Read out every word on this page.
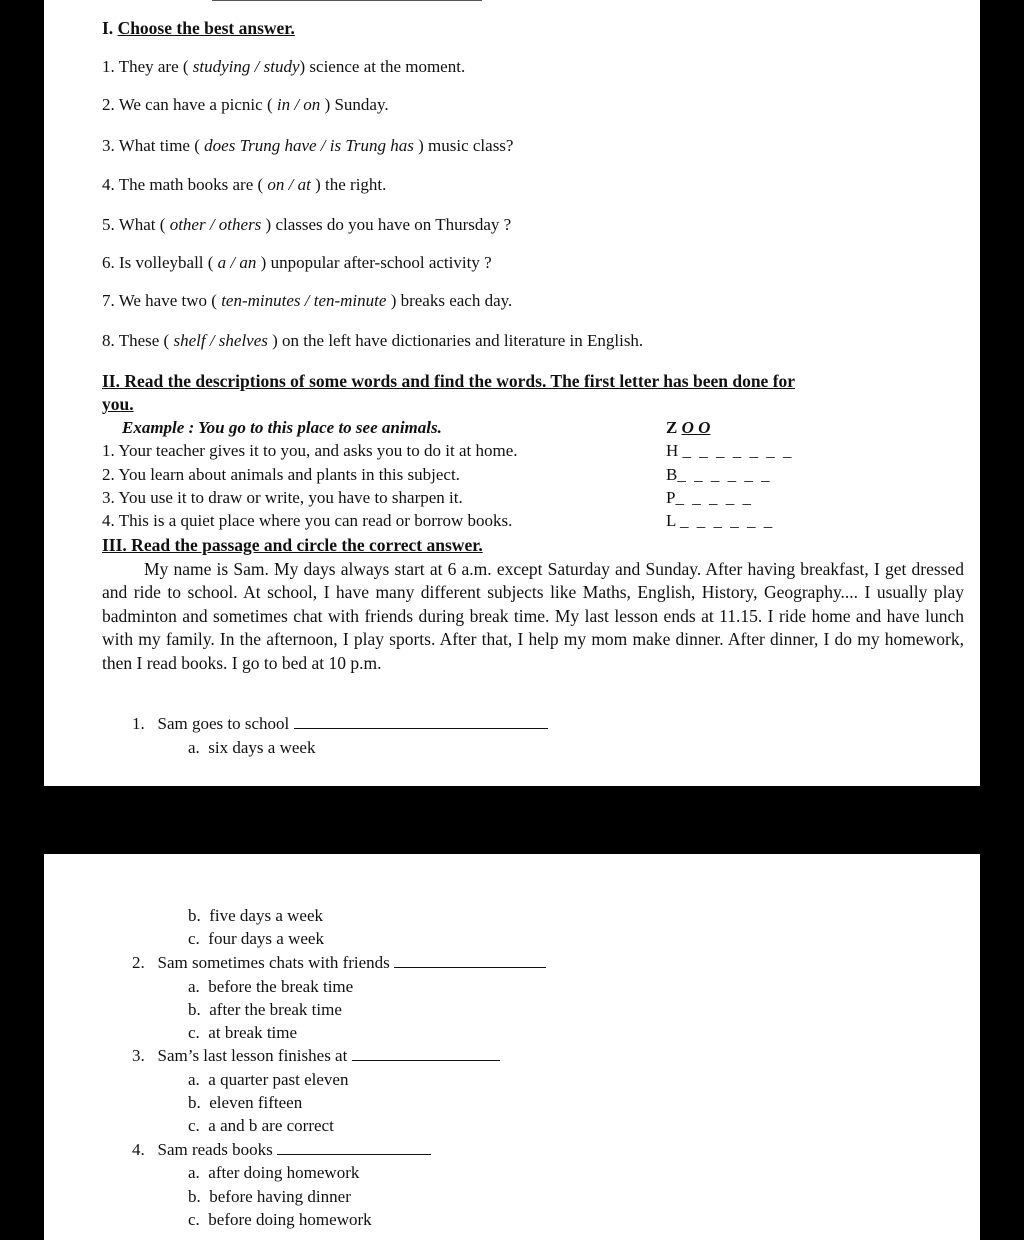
I. Choose the best answer.
1. They are ( studying / study) science at the moment.
2. We can have a picnic ( in / on ) Sunday.
3. What time ( does Trung have / is Trung has ) music class?
4. The math books are ( on / at ) the right.
5. What ( other / others ) classes do you have on Thursday ?
6. Is volleyball ( a / an ) unpopular after-school activity ?
7. We have two ( ten-minutes / ten-minute ) breaks each day.
8. These ( shelf / shelves ) on the left have dictionaries and literature in English.
II. Read the descriptions of some words and find the words. The first letter has been done for
you.
Example : You go to this place to see animals.	Z O O
1. Your teacher gives it to you, and asks you to do it at home.	H _ _ _ _ _ _ _
2. You learn about animals and plants in this subject.	B_ _ _ _ _ _
3. You use it to draw or write, you have to sharpen it.	P_ _ _ _ _
4. This is a quiet place where you can read or borrow books.	L _ _ _ _ _ _
III. Read the passage and circle the correct answer.
My name is Sam. My days always start at 6 a.m. except Saturday and Sunday. After having breakfast, I get dressed and ride to school. At school, I have many different subjects like Maths, English, History, Geography.... I usually play badminton and sometimes chat with friends during break time. My last lesson ends at 11.15. I ride home and have lunch with my family. In the afternoon, I play sports. After that, I help my mom make dinner. After dinner, I do my homework, then I read books. I go to bed at 10 p.m.
1. Sam goes to school
a. six days a week
b. five days a week
c. four days a week
2. Sam sometimes chats with friends
a. before the break time
b. after the break time
c. at break time
3. Sam’s last lesson finishes at
a. a quarter past eleven
b. eleven fifteen
c. a and b are correct
4. Sam reads books
a. after doing homework
b. before having dinner
c. before doing homework
